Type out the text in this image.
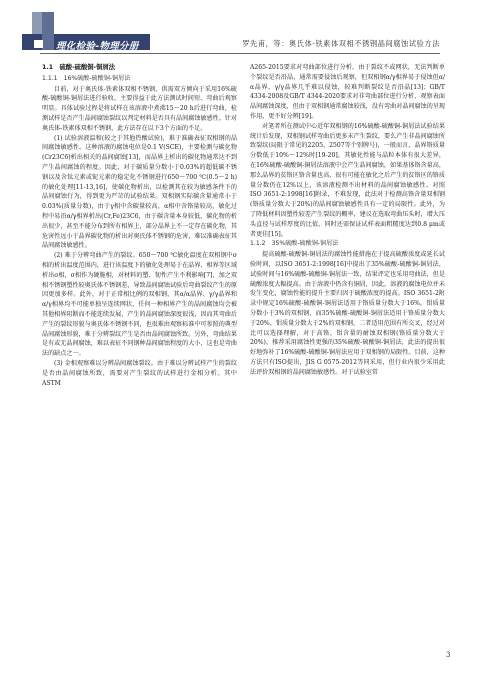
理化检验-物理分册	罗先甫，等：奥氏体-铁素体双相不锈钢晶间腐蚀试验方法
1.1　硫酸-硫酸铜-铜屑法
1.1.1　16%硫酸-硫酸铜-铜屑法

目前，对于奥氏体-铁素体双相不锈钢，供需双方倾向于采用16%硫酸-硫酸铜-铜屑法进行验收，主要得益于此方法测试时间短、弯曲后观察明显。具体试验过程是将试样在该溶液中煮沸15～20 h后进行弯曲，检测试样是否产生晶间腐蚀裂纹以判定材料是否具有晶间腐蚀敏感性。针对奥氏体-铁素体双相不锈钢，此方法存在以下3个方面的不足。

(1) 试验溶液温和(较之于其他热酸试验)，难于准确表征双相钢的晶间腐蚀敏感性。这种溶液的腐蚀电位是0.1 V(SCE)，主要检测与碳化物(Cr23C6)析出相关的晶间腐蚀[13]，而晶界上析出的碳化物通常达不到产生晶间腐蚀的程度。因此，对于碳质量分数小于0.03%的超低碳不锈钢以及含钛元素或铌元素的稳定化不锈钢进行650～700 ℃(0.5～2 h)的敏化处理[11-13,16]，使碳化物析出，以检测其在较为敏感条件下的晶间腐蚀行为，得到更为严苛的试验结果。双相钢实际碳含量通常小于0.03%(质量分数)，由于γ相中含碳量较高，α相中含铬量较高，敏化过程中易沿α/γ相界析出(Cr,Fe)23C6，由于碳含量本身较低，碳化物的析出很少，甚至不能分布到所有相界上，部分晶界上不一定存在碳化物，其危害性远小于晶界碳化物的析出对奥氏体不锈钢的危害，难以准确表征其晶间腐蚀敏感性。

(2) 难于分辨弯曲产生的裂纹。650～700 ℃敏化温度在双相钢中σ相的析出温度范围内，进行该温度下的敏化处理易于在晶界、相界等区域析出σ相，σ相作为硬脆相，对材料的塑、韧性产生不利影响[7]，加之双相不锈钢塑性较奥氏体不锈钢差，导致晶间腐蚀试验后弯曲裂纹产生的原因更加多样。此外，对于正常相比例的双相钢，其α/α晶界、γ/γ晶界和α/γ相界均不可能单独呈连续网状，任何一种相界产生的晶间腐蚀均会被其他相界阻断而不能连续发展，产生的晶间腐蚀深度很浅，因而其弯曲后产生的裂纹形貌与奥氏体不锈钢不同，也很难由观察标准中可参照的典型晶间腐蚀形貌，难于分辨裂纹产生是否由晶间腐蚀所致。另外，弯曲结果是有或无晶间腐蚀，难以表征不同钢种晶间腐蚀程度的大小，这也是弯曲法的缺点之一。

(3) 金相观察难以分辨晶间腐蚀裂纹。由于难以分辨试样产生的裂纹是否由晶间腐蚀所致，需要对产生裂纹的试样进行金相分析。其中ASTM

A265-2015要求对弯曲部位进行分析，由于裂纹不或网状，无法判断单个裂纹是否沿晶，通常需要侵蚀后观察，但双相钢α/γ相界易于侵蚀但α/α晶界、γ/γ晶界几乎难以侵蚀，较难判断裂纹是否沿晶[13]；GB/T 4334-2008及GB/T 4344-2020要求对非弯曲部位进行分析，观察表面晶间腐蚀深度，但由于双相钢通常腐蚀较浅，没有弯曲对晶间腐蚀的呈现作用，更不好分辨[19]。

对笔者所在测试中心近年双相钢的16%硫酸-硫酸铜-铜屑法试验结果统计后发现，双相钢试样弯曲后更多未产生裂纹，要么产生非晶间腐蚀所致裂纹(局限于常见的2205、2507等个别牌号)，一般而言，晶界铬质量分数低于10%～12%时[19-20]，其敏化性能与晶粒本体有很大差异，在16%硫酸-硫酸铜-铜屑法溶液中会产生晶间腐蚀，如果基体铬含量高，那么晶界的贫铬区铬含量也高，很有可能在敏化之后产生的贫铬区的铬质量分数仍在12%以上，该溶液检测不出材料的晶间腐蚀敏感性。对照ISO 3651-2:1998[16]附录，不难发现，此法对于检测高铬含量双相钢(铬质量分数大于20%)的晶间腐蚀敏感性具有一定的局限性。此外，为了降低材料因塑性较差产生裂纹的概率，建议在选取弯曲压头时，增大压头直径与试样厚度的比值，同时还需保证试样表面粗糙度达到0.8 μm或者更佳[15]。

1.1.2　35%硫酸-硫酸铜-铜屑法

提高硫酸-硫酸铜-铜屑法的腐蚀性能措施在于提高硫酸浓度或延长试验时间，以ISO 3651-2:1998[16]中提出了35%硫酸-硫酸铜-铜屑法，试验时间与16%硫酸-硫酸铜-铜屑法一致，结果评定也采用弯曲法，但是硫酸浓度大幅提高。由于溶液中仍含有铜屑，因此，溶液的腐蚀电位并未发生变化，腐蚀性能的提升主要归因于硫酸浓度的提高。ISO 3651-2附录中规定16%硫酸-硫酸铜-铜屑法适用于铬质量分数大于16%，钼质量分数小于3%的双相钢，而35%硫酸-硫酸铜-铜屑法适用于铬质量分数大于20%、钼质量分数大于2%的双相钢，二者适用范围有所交叉，经过对比可以选择理解，对于高铬、钼含量的耐蚀双相钢(铬质量分数大于20%)，推荐采用腐蚀性更强的35%硫酸-硫酸铜-铜屑法，此法的提出很好地弥补了16%硫酸-硫酸铜-铜屑法应用于双相钢的局限性。目前，这种方法只有ISO提出，JIS G 0575-2012等同采用，但行业内很少采用此法评价双相钢的晶间腐蚀敏感性。对于试验室常

3
